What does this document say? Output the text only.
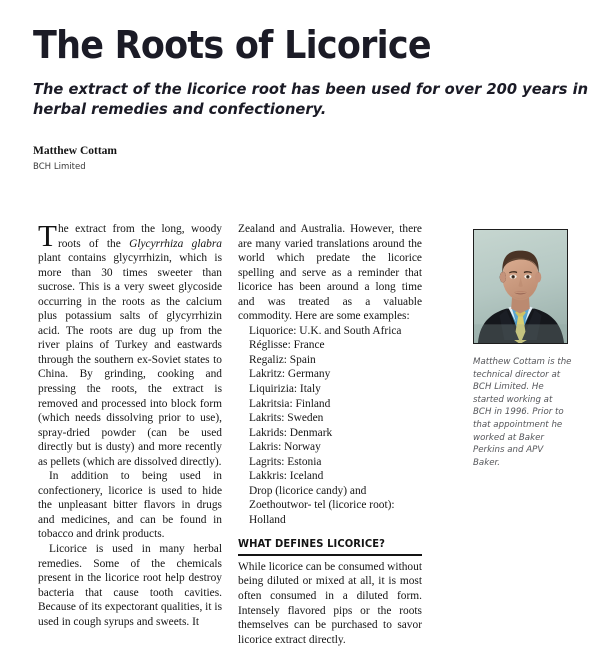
The Roots of Licorice

The extract of the licorice root has been used for over 200 years in herbal remedies and confectionery.

Matthew Cottam

BCH Limited

The extract from the long, woody roots of the Glycyrrhiza glabra plant contains glycyrrhizin, which is more than 30 times sweeter than sucrose. This is a very sweet glycoside occurring in the roots as the calcium plus potassium salts of glycyrrhizin acid. The roots are dug up from the river plains of Turkey and eastwards through the southern ex-Soviet states to China. By grinding, cooking and pressing the roots, the extract is removed and processed into block form (which needs dissolving prior to use), spray-dried powder (can be used directly but is dusty) and more recently as pellets (which are dissolved directly).

In addition to being used in confectionery, licorice is used to hide the unpleasant bitter flavors in drugs and medicines, and can be found in tobacco and drink products.

Licorice is used in many herbal remedies. Some of the chemicals present in the licorice root help destroy bacteria that cause tooth cavities. Because of its expectorant qualities, it is used in cough syrups and sweets. It

Zealand and Australia. However, there are many varied translations around the world which predate the licorice spelling and serve as a reminder that licorice has been around a long time and was treated as a valuable commodity. Here are some examples:

Liquorice: U.K. and South Africa
Réglisse: France
Regaliz: Spain
Lakritz: Germany
Liquirizia: Italy
Lakritsia: Finland
Lakrits: Sweden
Lakrids: Denmark
Lakris: Norway
Lagrits: Estonia
Lakkris: Iceland
Drop (licorice candy) and Zoethoutwor- tel (licorice root): Holland
WHAT DEFINES LICORICE?

While licorice can be consumed without being diluted or mixed at all, it is most often consumed in a diluted form. Intensely flavored pips or the roots themselves can be purchased to savor licorice extract directly.

Matthew Cottam is the technical director at BCH Limited. He started working at BCH in 1996. Prior to that appointment he worked at Baker Perkins and APV Baker.
